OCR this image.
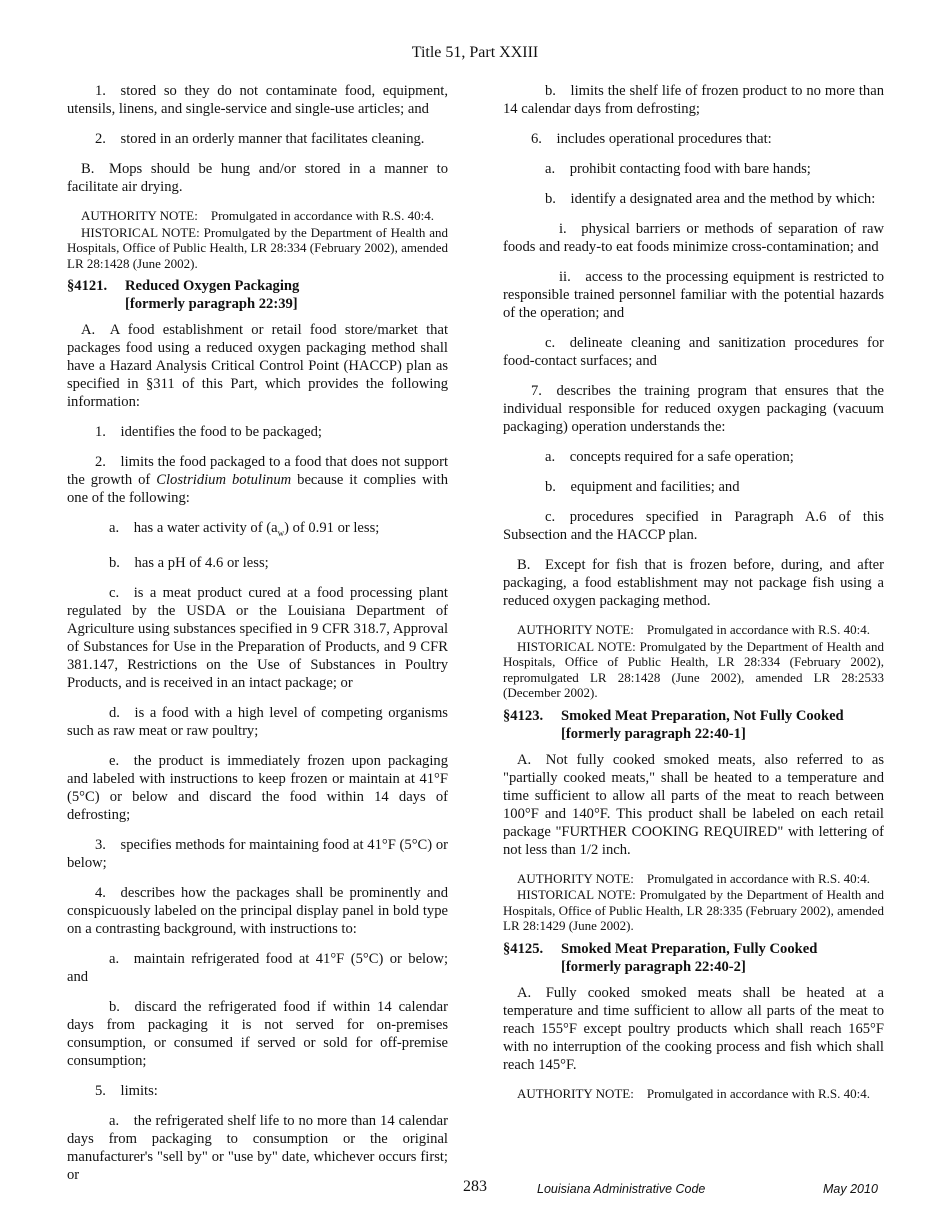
Title 51, Part XXIII

1. stored so they do not contaminate food, equipment, utensils, linens, and single-service and single-use articles; and

2. stored in an orderly manner that facilitates cleaning.

B. Mops should be hung and/or stored in a manner to facilitate air drying.

AUTHORITY NOTE: Promulgated in accordance with R.S. 40:4.

HISTORICAL NOTE: Promulgated by the Department of Health and Hospitals, Office of Public Health, LR 28:334 (February 2002), amended LR 28:1428 (June 2002).

§4121. Reduced Oxygen Packaging
[formerly paragraph 22:39]

A. A food establishment or retail food store/market that packages food using a reduced oxygen packaging method shall have a Hazard Analysis Critical Control Point (HACCP) plan as specified in §311 of this Part, which provides the following information:

1. identifies the food to be packaged;

2. limits the food packaged to a food that does not support the growth of Clostridium botulinum because it complies with one of the following:

a. has a water activity of $(a_w)$ of 0.91 or less;

b. has a pH of 4.6 or less;

c. is a meat product cured at a food processing plant regulated by the USDA or the Louisiana Department of Agriculture using substances specified in 9 CFR 318.7, Approval of Substances for Use in the Preparation of Products, and 9 CFR 381.147, Restrictions on the Use of Substances in Poultry Products, and is received in an intact package; or

d. is a food with a high level of competing organisms such as raw meat or raw poultry;

e. the product is immediately frozen upon packaging and labeled with instructions to keep frozen or maintain at 41°F (5°C) or below and discard the food within 14 days of defrosting;

3. specifies methods for maintaining food at 41°F (5°C) or below;

4. describes how the packages shall be prominently and conspicuously labeled on the principal display panel in bold type on a contrasting background, with instructions to:

a. maintain refrigerated food at 41°F (5°C) or below; and

b. discard the refrigerated food if within 14 calendar days from packaging it is not served for on-premises consumption, or consumed if served or sold for off-premise consumption;

5. limits:

a. the refrigerated shelf life to no more than 14 calendar days from packaging to consumption or the original manufacturer's "sell by" or "use by" date, whichever occurs first; or

b. limits the shelf life of frozen product to no more than 14 calendar days from defrosting;

6. includes operational procedures that:

a. prohibit contacting food with bare hands;

b. identify a designated area and the method by which:

i. physical barriers or methods of separation of raw foods and ready-to eat foods minimize cross-contamination; and

ii. access to the processing equipment is restricted to responsible trained personnel familiar with the potential hazards of the operation; and

c. delineate cleaning and sanitization procedures for food-contact surfaces; and

7. describes the training program that ensures that the individual responsible for reduced oxygen packaging (vacuum packaging) operation understands the:

a. concepts required for a safe operation;

b. equipment and facilities; and

c. procedures specified in Paragraph A.6 of this Subsection and the HACCP plan.

B. Except for fish that is frozen before, during, and after packaging, a food establishment may not package fish using a reduced oxygen packaging method.

AUTHORITY NOTE: Promulgated in accordance with R.S. 40:4.

HISTORICAL NOTE: Promulgated by the Department of Health and Hospitals, Office of Public Health, LR 28:334 (February 2002), repromulgated LR 28:1428 (June 2002), amended LR 28:2533 (December 2002).

§4123. Smoked Meat Preparation, Not Fully Cooked
[formerly paragraph 22:40-1]

A. Not fully cooked smoked meats, also referred to as "partially cooked meats," shall be heated to a temperature and time sufficient to allow all parts of the meat to reach between 100°F and 140°F. This product shall be labeled on each retail package "FURTHER COOKING REQUIRED" with lettering of not less than 1/2 inch.

AUTHORITY NOTE: Promulgated in accordance with R.S. 40:4.

HISTORICAL NOTE: Promulgated by the Department of Health and Hospitals, Office of Public Health, LR 28:335 (February 2002), amended LR 28:1429 (June 2002).

§4125. Smoked Meat Preparation, Fully Cooked
[formerly paragraph 22:40-2]

A. Fully cooked smoked meats shall be heated at a temperature and time sufficient to allow all parts of the meat to reach 155°F except poultry products which shall reach 165°F with no interruption of the cooking process and fish which shall reach 145°F.

AUTHORITY NOTE: Promulgated in accordance with R.S. 40:4.

283	Louisiana Administrative Code	May 2010
